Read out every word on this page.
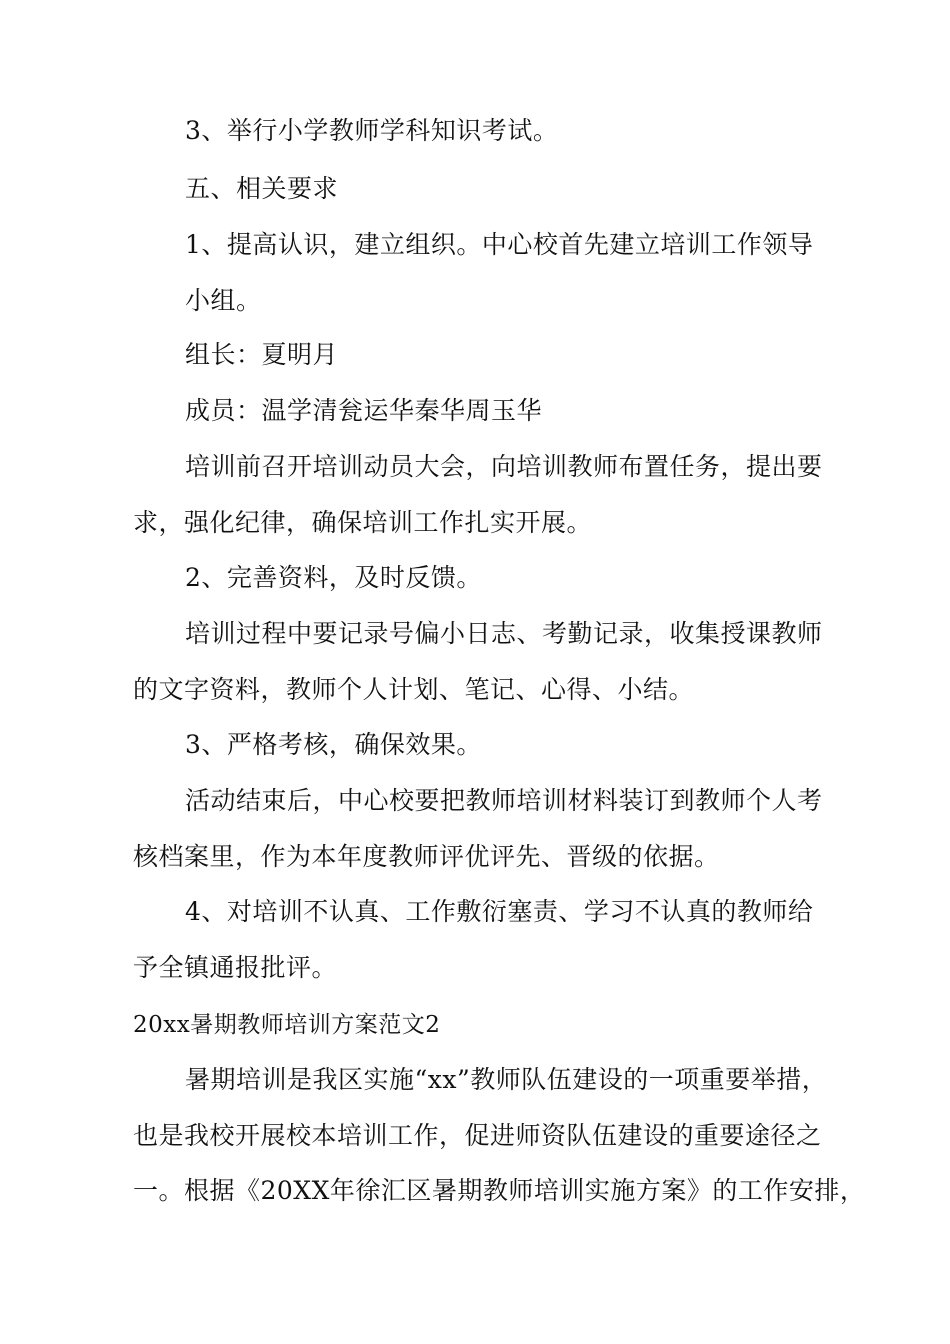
3、举行小学教师学科知识考试。
五、相关要求
1、提高认识，建立组织。中心校首先建立培训工作领导
小组。
组长：夏明月
成员：温学清瓮运华秦华周玉华
培训前召开培训动员大会，向培训教师布置任务，提出要
求，强化纪律，确保培训工作扎实开展。
2、完善资料，及时反馈。
培训过程中要记录号偏小日志、考勤记录，收集授课教师
的文字资料，教师个人计划、笔记、心得、小结。
3、严格考核，确保效果。
活动结束后，中心校要把教师培训材料装订到教师个人考
核档案里，作为本年度教师评优评先、晋级的依据。
4、对培训不认真、工作敷衍塞责、学习不认真的教师给
予全镇通报批评。
20xx暑期教师培训方案范文2
暑期培训是我区实施“xx”教师队伍建设的一项重要举措，
也是我校开展校本培训工作，促进师资队伍建设的重要途径之
一。根据《20XX年徐汇区暑期教师培训实施方案》的工作安排，
